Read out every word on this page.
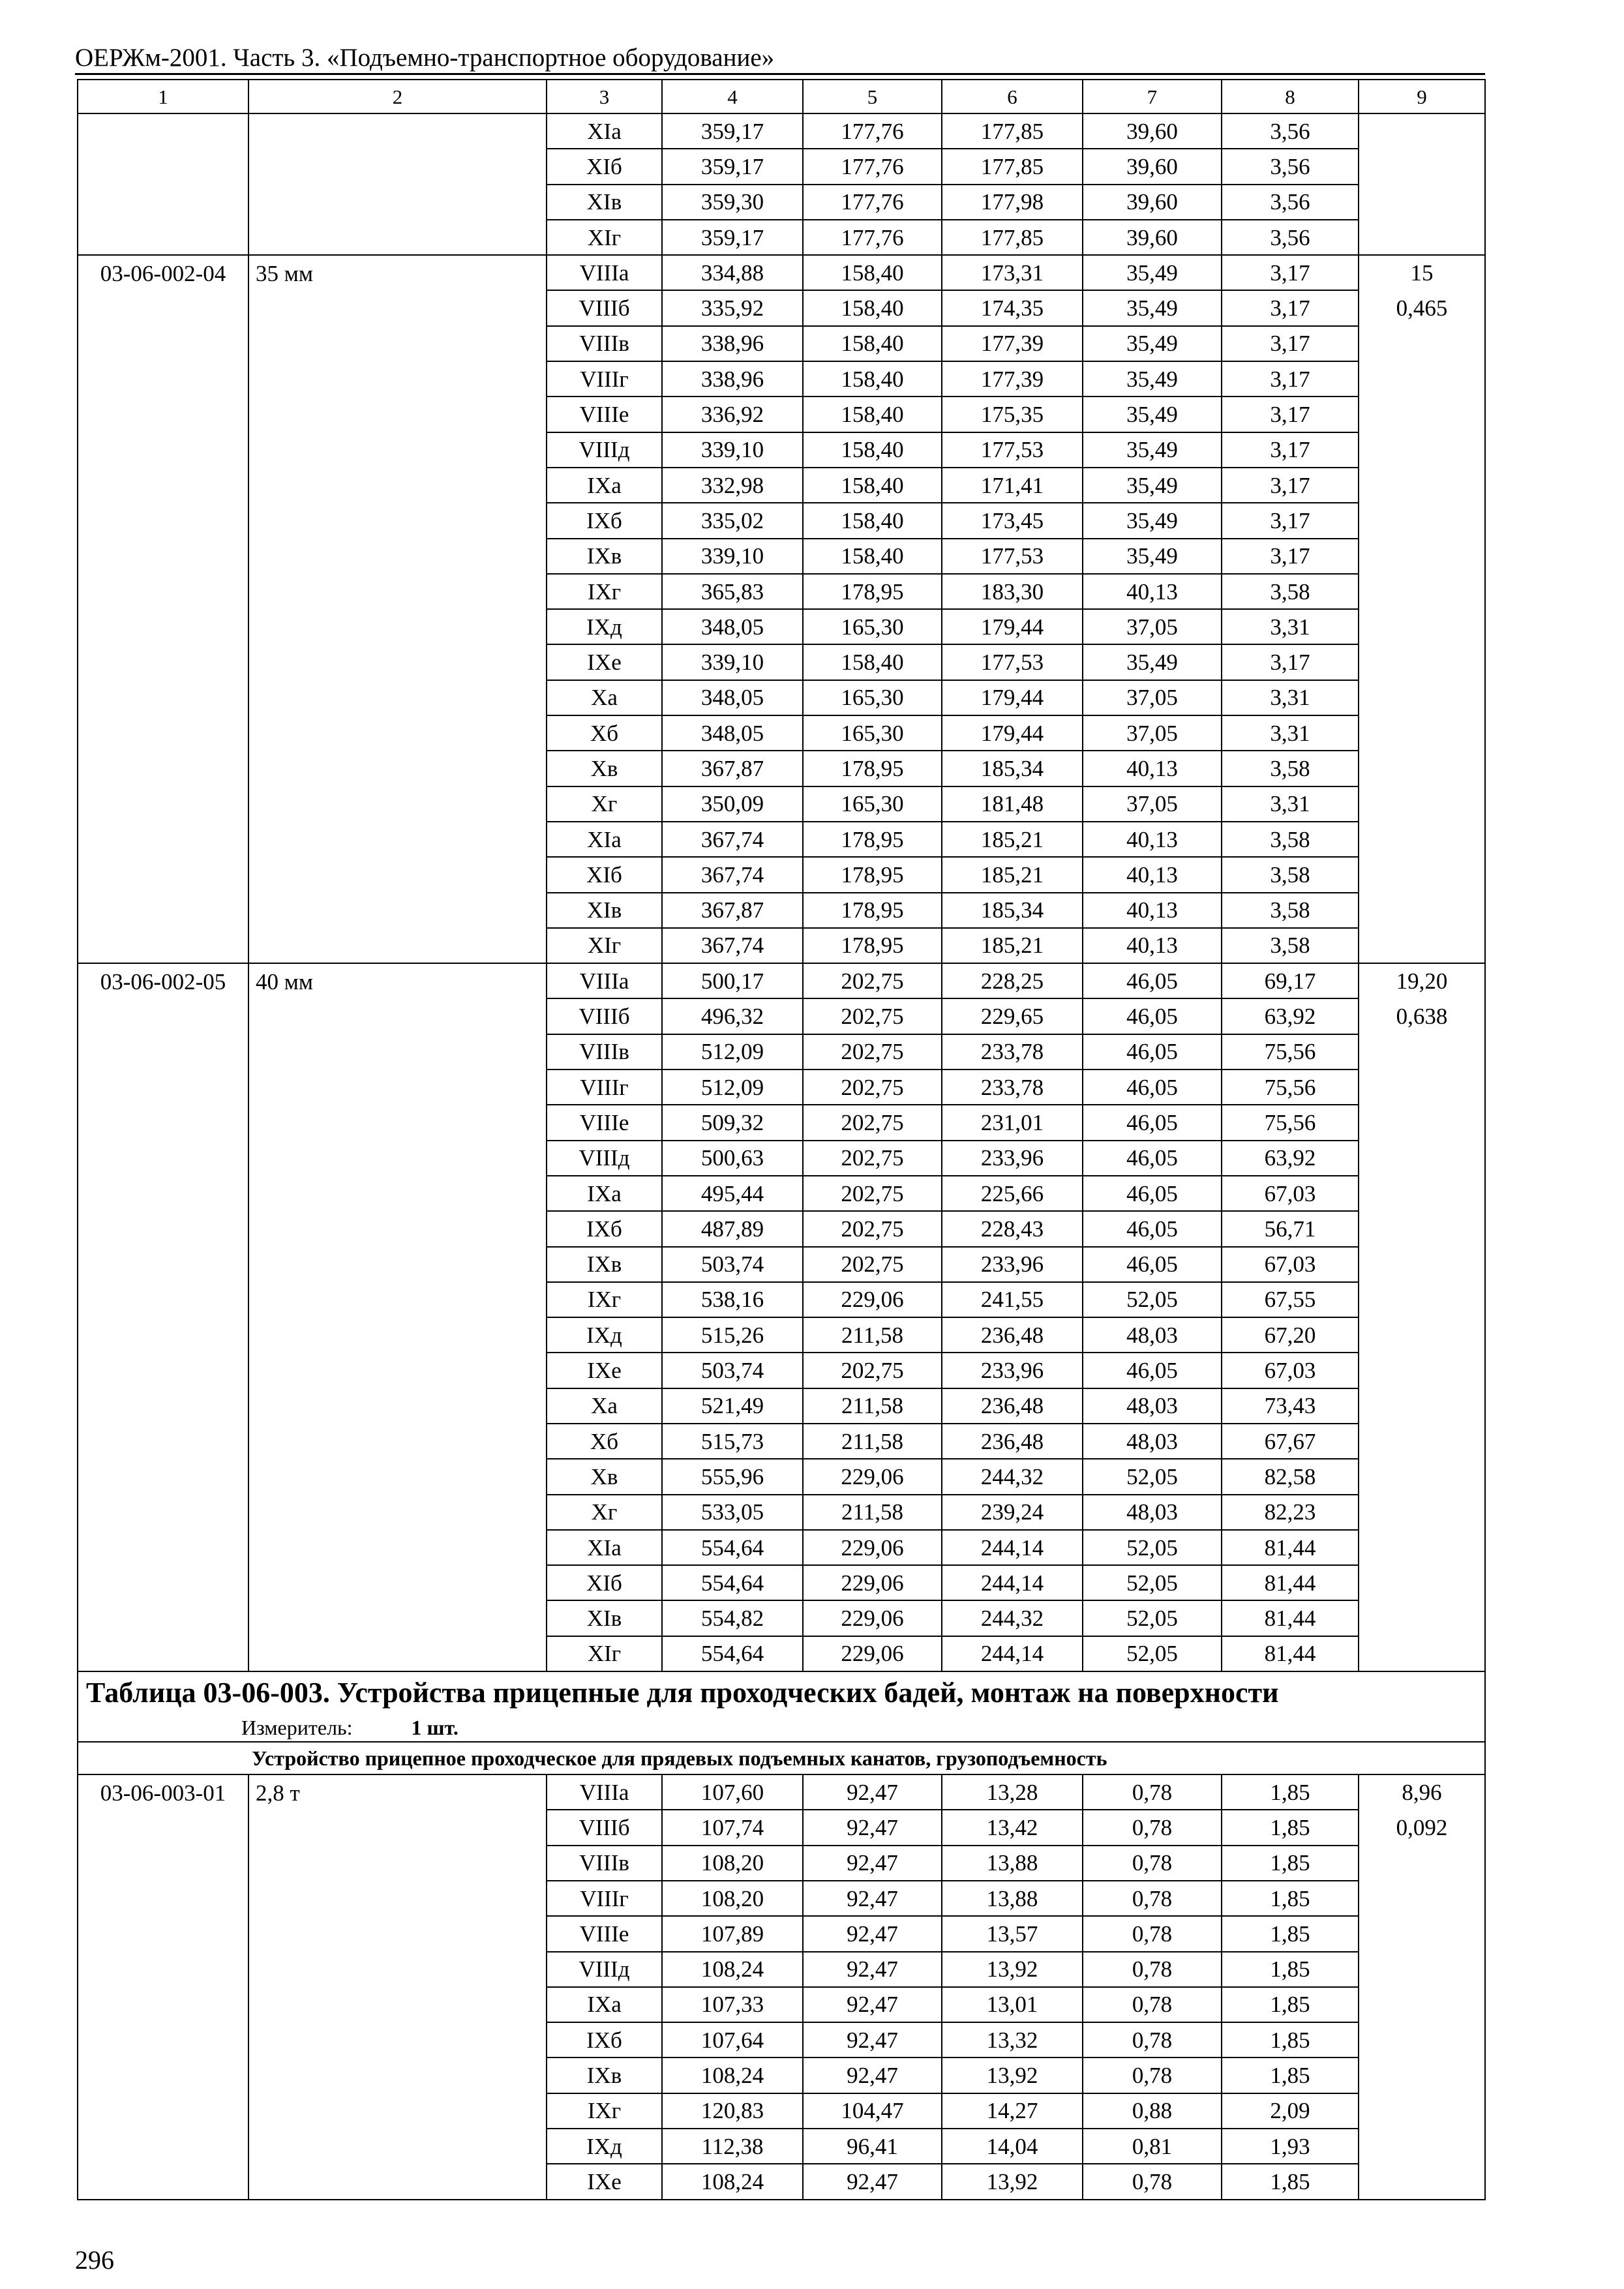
ОЕРЖм-2001. Часть 3. «Подъемно-транспортное оборудование»
1	2	3	4	5	6	7	8	9
		XIа	359,17	177,76	177,85	39,60	3,56	
		XIб	359,17	177,76	177,85	39,60	3,56	
		XIв	359,30	177,76	177,98	39,60	3,56	
		XIг	359,17	177,76	177,85	39,60	3,56	
03-06-002-04	35 мм	VIIIа	334,88	158,40	173,31	35,49	3,17	15
0,465

		VIIIб	335,92	158,40	174,35	35,49	3,17	
		VIIIв	338,96	158,40	177,39	35,49	3,17	
		VIIIг	338,96	158,40	177,39	35,49	3,17	
		VIIIе	336,92	158,40	175,35	35,49	3,17	
		VIIIд	339,10	158,40	177,53	35,49	3,17	
		IXа	332,98	158,40	171,41	35,49	3,17	
		IXб	335,02	158,40	173,45	35,49	3,17	
		IXв	339,10	158,40	177,53	35,49	3,17	
		IXг	365,83	178,95	183,30	40,13	3,58	
		IXд	348,05	165,30	179,44	37,05	3,31	
		IXе	339,10	158,40	177,53	35,49	3,17	
		Xа	348,05	165,30	179,44	37,05	3,31	
		Xб	348,05	165,30	179,44	37,05	3,31	
		Xв	367,87	178,95	185,34	40,13	3,58	
		Xг	350,09	165,30	181,48	37,05	3,31	
		XIа	367,74	178,95	185,21	40,13	3,58	
		XIб	367,74	178,95	185,21	40,13	3,58	
		XIв	367,87	178,95	185,34	40,13	3,58	
		XIг	367,74	178,95	185,21	40,13	3,58	
03-06-002-05	40 мм	VIIIа	500,17	202,75	228,25	46,05	69,17	19,20
0,638

		VIIIб	496,32	202,75	229,65	46,05	63,92	
		VIIIв	512,09	202,75	233,78	46,05	75,56	
		VIIIг	512,09	202,75	233,78	46,05	75,56	
		VIIIе	509,32	202,75	231,01	46,05	75,56	
		VIIIд	500,63	202,75	233,96	46,05	63,92	
		IXа	495,44	202,75	225,66	46,05	67,03	
		IXб	487,89	202,75	228,43	46,05	56,71	
		IXв	503,74	202,75	233,96	46,05	67,03	
		IXг	538,16	229,06	241,55	52,05	67,55	
		IXд	515,26	211,58	236,48	48,03	67,20	
		IXе	503,74	202,75	233,96	46,05	67,03	
		Xа	521,49	211,58	236,48	48,03	73,43	
		Xб	515,73	211,58	236,48	48,03	67,67	
		Xв	555,96	229,06	244,32	52,05	82,58	
		Xг	533,05	211,58	239,24	48,03	82,23	
		XIа	554,64	229,06	244,14	52,05	81,44	
		XIб	554,64	229,06	244,14	52,05	81,44	
		XIв	554,82	229,06	244,32	52,05	81,44	
		XIг	554,64	229,06	244,14	52,05	81,44	
Таблица 03-06-003. Устройства прицепные для проходческих бадей, монтаж на поверхности								
Измеритель: 1 шт.								
Устройство прицепное проходческое для прядевых подъемных канатов, грузоподъемность								
03-06-003-01	2,8 т	VIIIа	107,60	92,47	13,28	0,78	1,85	8,96
0,092

		VIIIб	107,74	92,47	13,42	0,78	1,85	
		VIIIв	108,20	92,47	13,88	0,78	1,85	
		VIIIг	108,20	92,47	13,88	0,78	1,85	
		VIIIе	107,89	92,47	13,57	0,78	1,85	
		VIIIд	108,24	92,47	13,92	0,78	1,85	
		IXа	107,33	92,47	13,01	0,78	1,85	
		IXб	107,64	92,47	13,32	0,78	1,85	
		IXв	108,24	92,47	13,92	0,78	1,85	
		IXг	120,83	104,47	14,27	0,88	2,09	
		IXд	112,38	96,41	14,04	0,81	1,93	
		IXе	108,24	92,47	13,92	0,78	1,85	
296
